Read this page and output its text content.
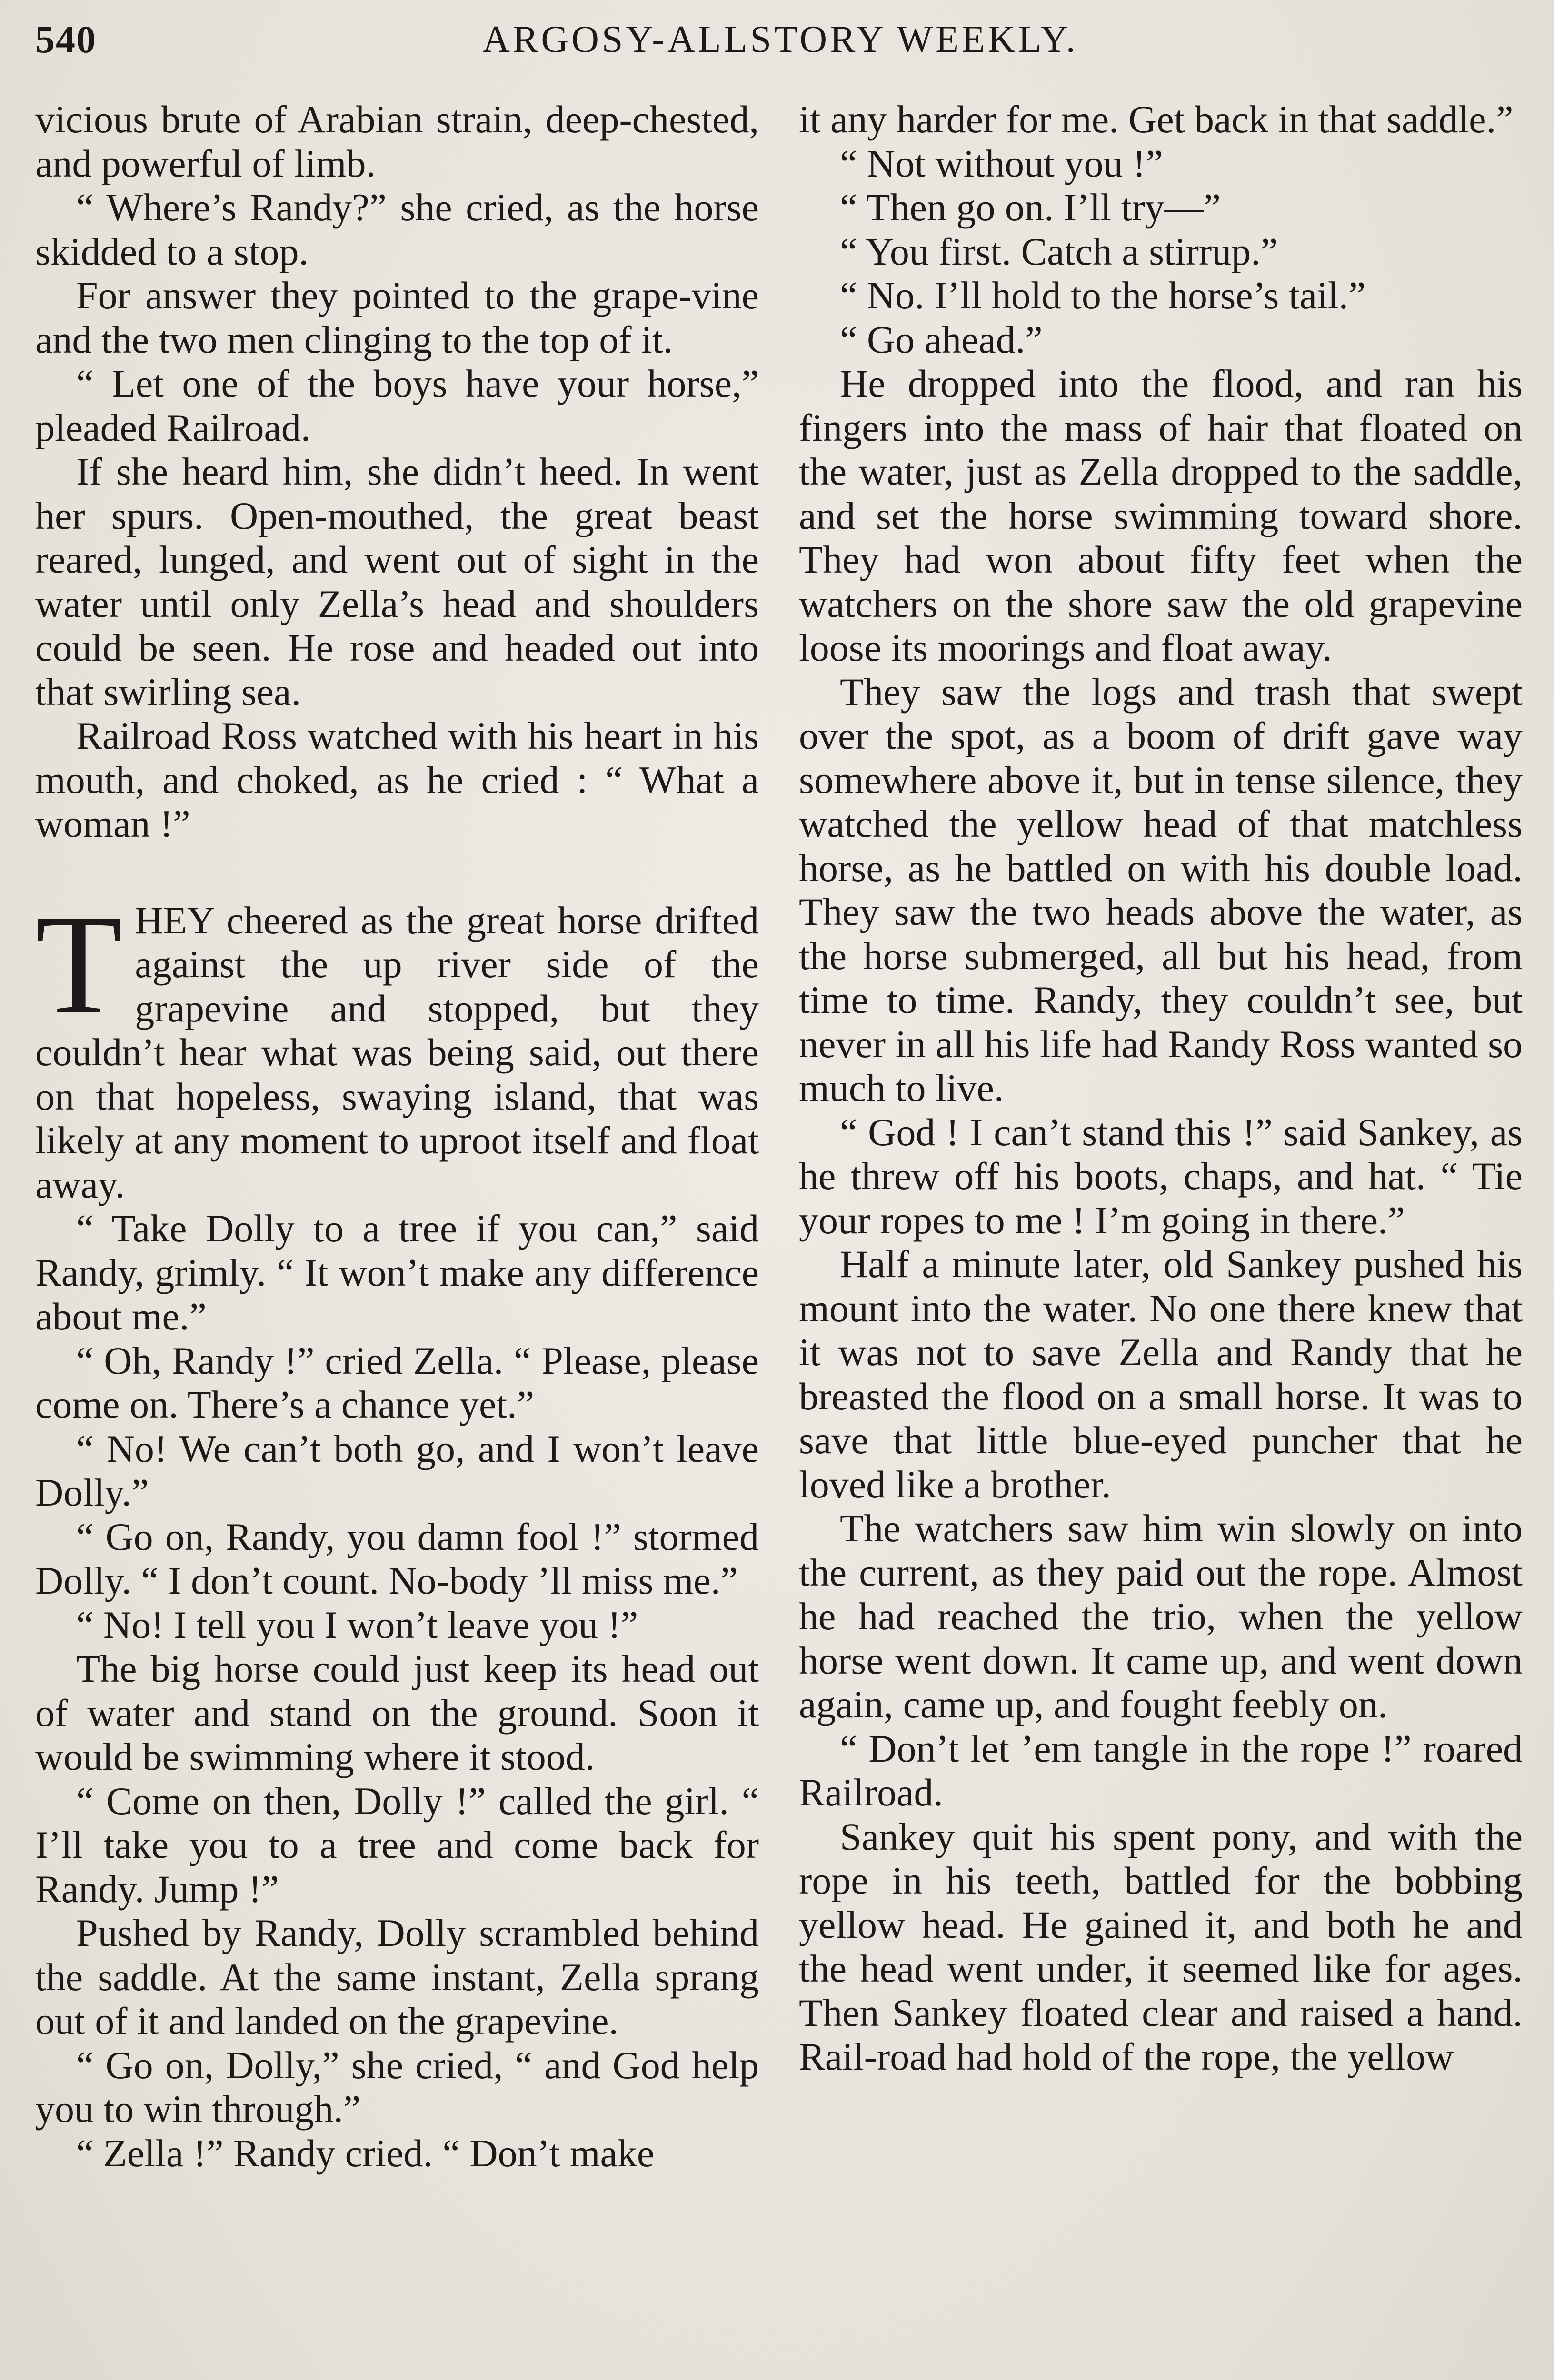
540	ARGOSY-ALLSTORY WEEKLY.

vicious brute of Arabian strain, deep-chested, and powerful of limb.

“ Where’s Randy?” she cried, as the horse skidded to a stop.

For answer they pointed to the grape-vine and the two men clinging to the top of it.

“ Let one of the boys have your horse,” pleaded Railroad.

If she heard him, she didn’t heed. In went her spurs. Open-mouthed, the great beast reared, lunged, and went out of sight in the water until only Zella’s head and shoulders could be seen. He rose and headed out into that swirling sea.

Railroad Ross watched with his heart in his mouth, and choked, as he cried : “ What a woman !”

THEY cheered as the great horse drifted against the up river side of the grapevine and stopped, but they couldn’t hear what was being said, out there on that hopeless, swaying island, that was likely at any moment to uproot itself and float away.

“ Take Dolly to a tree if you can,” said Randy, grimly. “ It won’t make any difference about me.”

“ Oh, Randy !” cried Zella. “ Please, please come on. There’s a chance yet.”

“ No! We can’t both go, and I won’t leave Dolly.”

“ Go on, Randy, you damn fool !” stormed Dolly. “ I don’t count. No-body ’ll miss me.”

“ No! I tell you I won’t leave you !”

The big horse could just keep its head out of water and stand on the ground. Soon it would be swimming where it stood.

“ Come on then, Dolly !” called the girl. “ I’ll take you to a tree and come back for Randy. Jump !”

Pushed by Randy, Dolly scrambled behind the saddle. At the same instant, Zella sprang out of it and landed on the grapevine.

“ Go on, Dolly,” she cried, “ and God help you to win through.”

“ Zella !” Randy cried. “ Don’t make

it any harder for me. Get back in that saddle.”

“ Not without you !”

“ Then go on. I’ll try—”

“ You first. Catch a stirrup.”

“ No. I’ll hold to the horse’s tail.”

“ Go ahead.”

He dropped into the flood, and ran his fingers into the mass of hair that floated on the water, just as Zella dropped to the saddle, and set the horse swimming toward shore. They had won about fifty feet when the watchers on the shore saw the old grapevine loose its moorings and float away.

They saw the logs and trash that swept over the spot, as a boom of drift gave way somewhere above it, but in tense silence, they watched the yellow head of that matchless horse, as he battled on with his double load. They saw the two heads above the water, as the horse submerged, all but his head, from time to time. Randy, they couldn’t see, but never in all his life had Randy Ross wanted so much to live.

“ God ! I can’t stand this !” said Sankey, as he threw off his boots, chaps, and hat. “ Tie your ropes to me ! I’m going in there.”

Half a minute later, old Sankey pushed his mount into the water. No one there knew that it was not to save Zella and Randy that he breasted the flood on a small horse. It was to save that little blue-eyed puncher that he loved like a brother.

The watchers saw him win slowly on into the current, as they paid out the rope. Almost he had reached the trio, when the yellow horse went down. It came up, and went down again, came up, and fought feebly on.

“ Don’t let ’em tangle in the rope !” roared Railroad.

Sankey quit his spent pony, and with the rope in his teeth, battled for the bobbing yellow head. He gained it, and both he and the head went under, it seemed like for ages. Then Sankey floated clear and raised a hand. Rail-road had hold of the rope, the yellow
